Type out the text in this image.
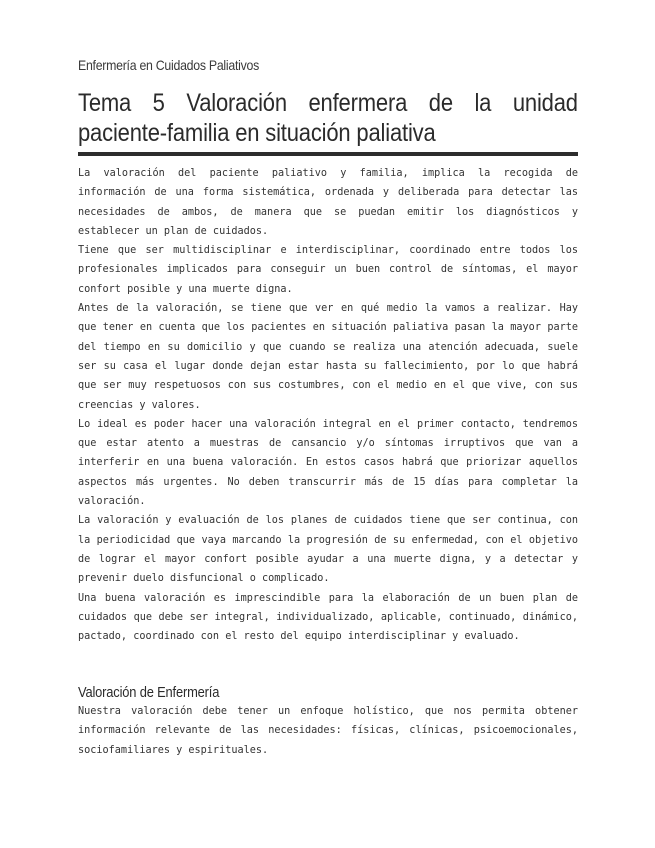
Enfermería en Cuidados Paliativos
Tema 5 Valoración enfermera de la unidad paciente-familia en situación paliativa

La valoración del paciente paliativo y familia, implica la recogida de información de una forma sistemática, ordenada y deliberada para detectar las necesidades de ambos, de manera que se puedan emitir los diagnósticos y establecer un plan de cuidados.

Tiene que ser multidisciplinar e interdisciplinar, coordinado entre todos los profesionales implicados para conseguir un buen control de síntomas, el mayor confort posible y una muerte digna.

Antes de la valoración, se tiene que ver en qué medio la vamos a realizar. Hay que tener en cuenta que los pacientes en situación paliativa pasan la mayor parte del tiempo en su domicilio y que cuando se realiza una atención adecuada, suele ser su casa el lugar donde dejan estar hasta su fallecimiento, por lo que habrá que ser muy respetuosos con sus costumbres, con el medio en el que vive, con sus creencias y valores.

Lo ideal es poder hacer una valoración integral en el primer contacto, tendremos que estar atento a muestras de cansancio y/o síntomas irruptivos que van a interferir en una buena valoración. En estos casos habrá que priorizar aquellos aspectos más urgentes. No deben transcurrir más de 15 días para completar la valoración.

La valoración y evaluación de los planes de cuidados tiene que ser continua, con la periodicidad que vaya marcando la progresión de su enfermedad, con el objetivo de lograr el mayor confort posible ayudar a una muerte digna, y a detectar y prevenir duelo disfuncional o complicado.

Una buena valoración es imprescindible para la elaboración de un buen plan de cuidados que debe ser integral, individualizado, aplicable, continuado, dinámico, pactado, coordinado con el resto del equipo interdisciplinar y evaluado.

Valoración de Enfermería

Nuestra valoración debe tener un enfoque holístico, que nos permita obtener información relevante de las necesidades: físicas, clínicas, psicoemocionales, sociofamiliares y espirituales.
